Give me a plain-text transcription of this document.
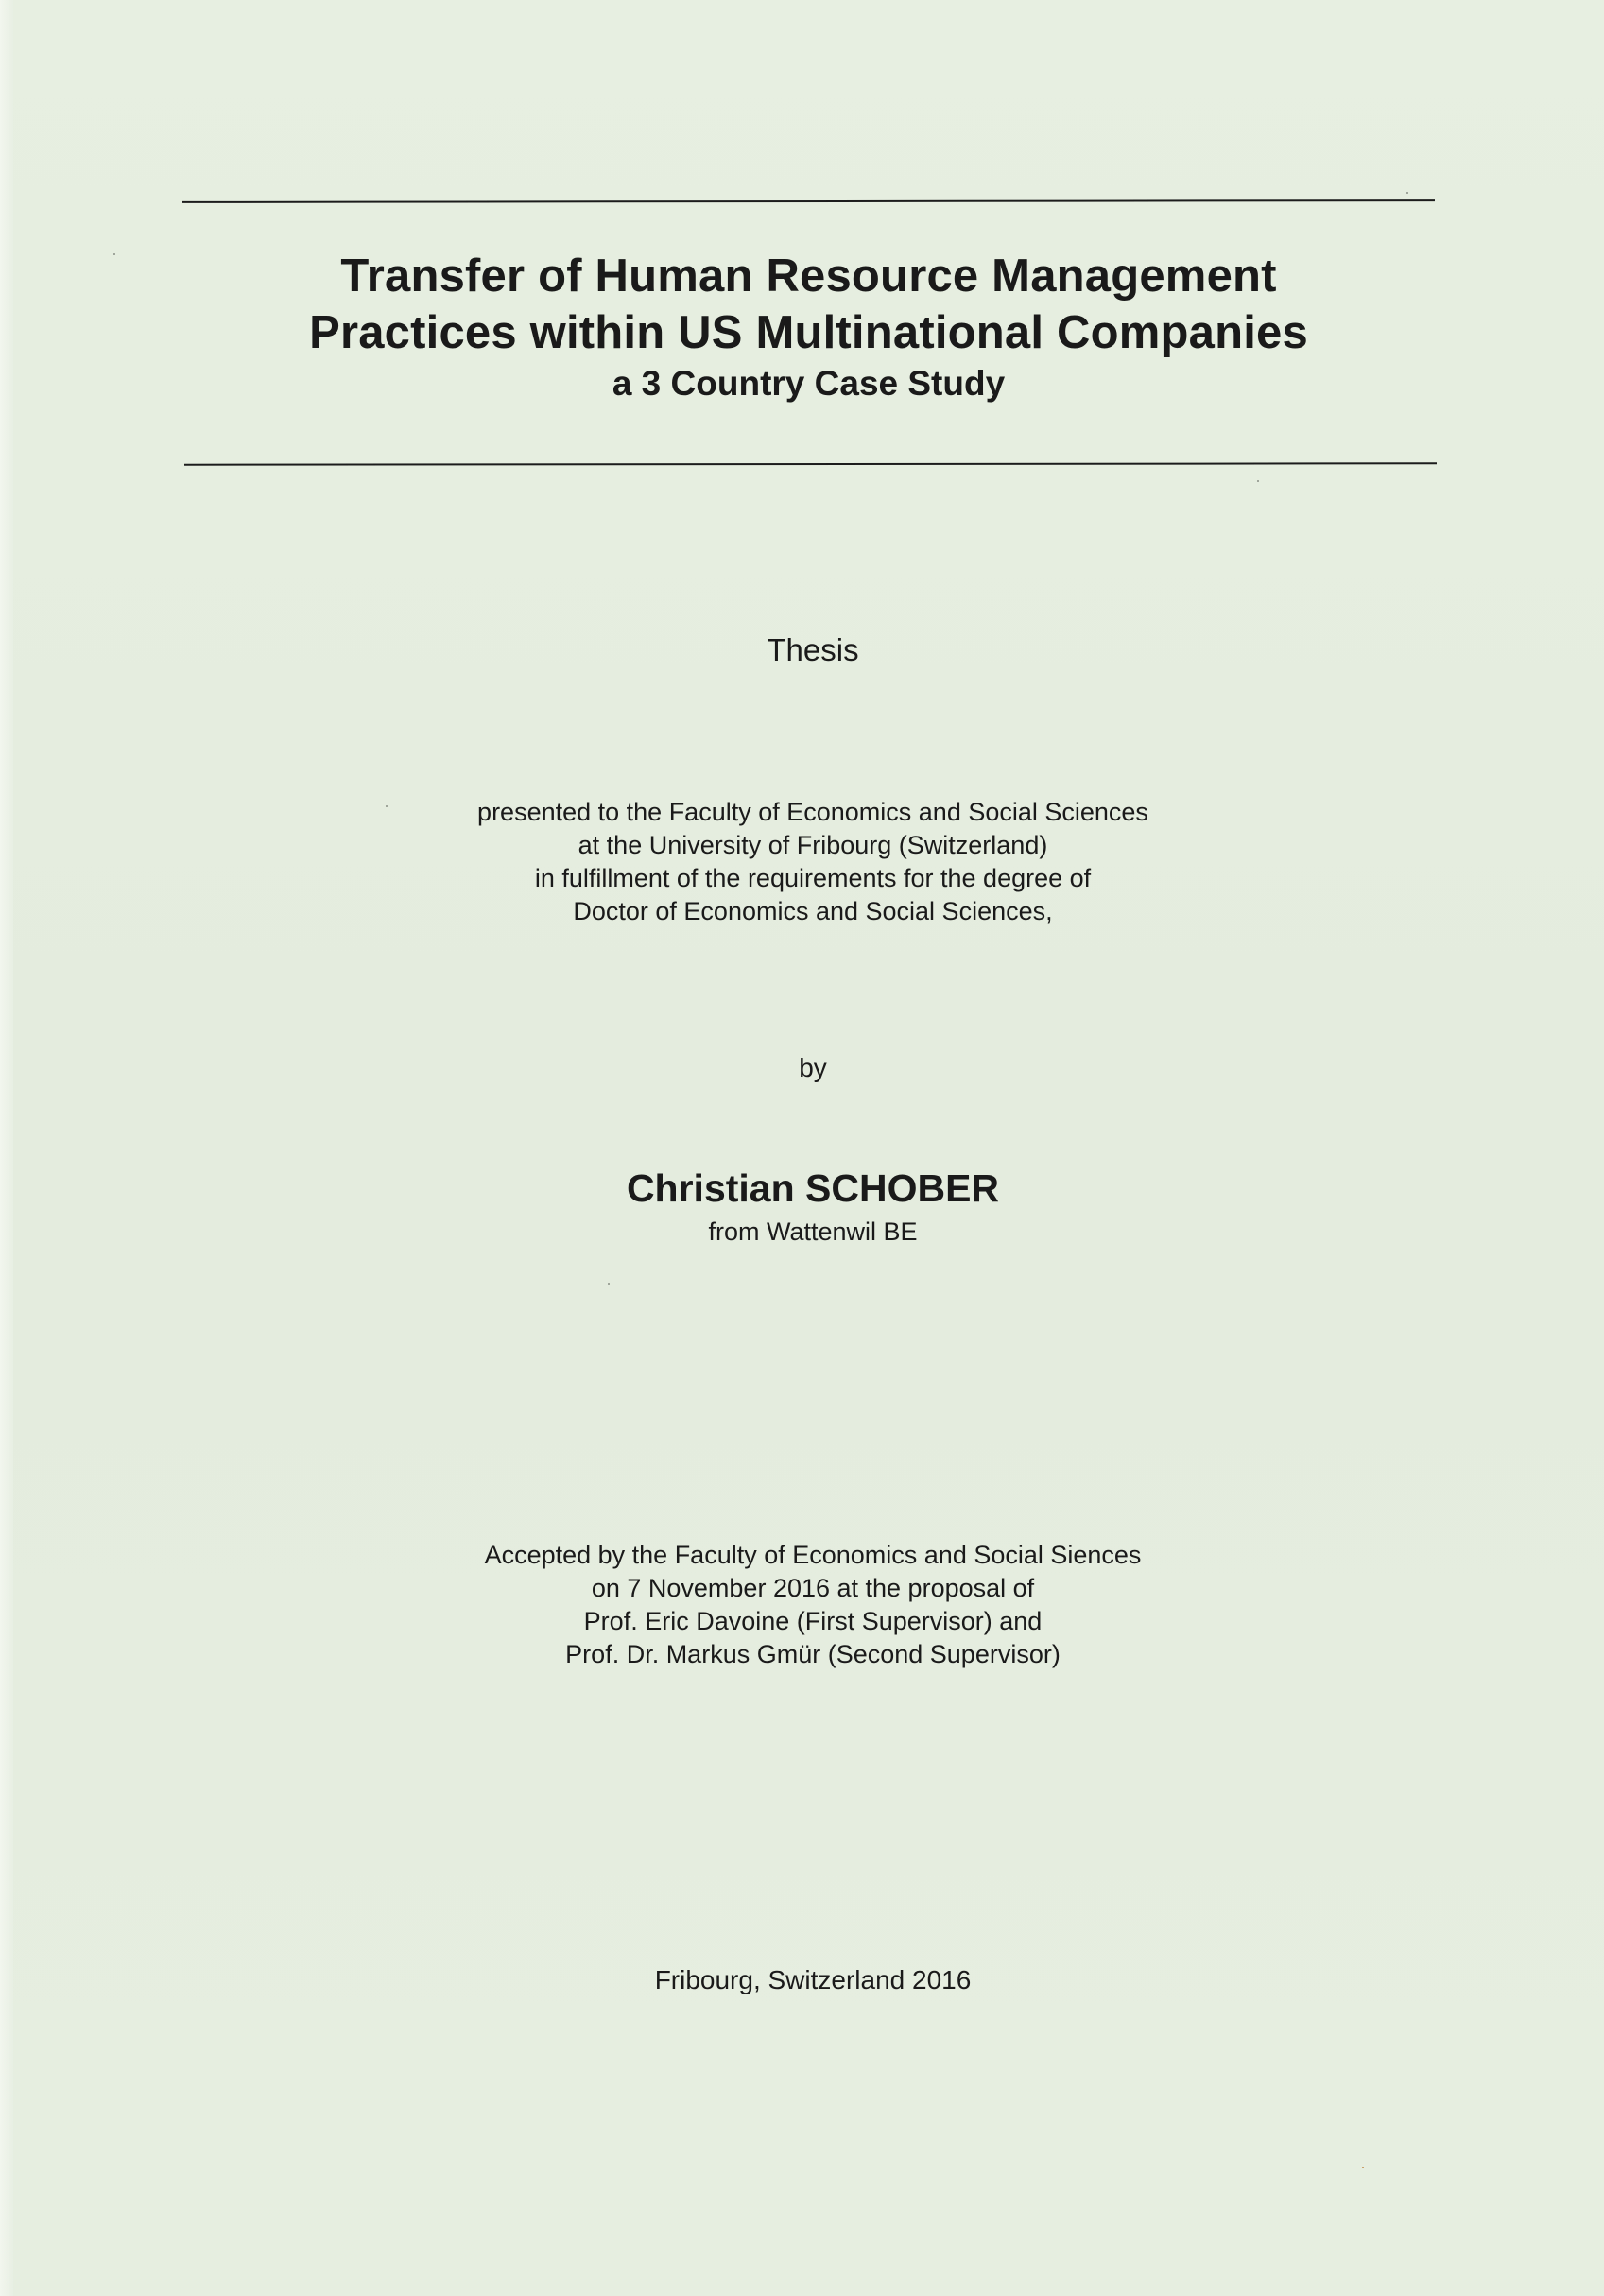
Transfer of Human Resource Management
Practices within US Multinational Companies
a 3 Country Case Study
Thesis
presented to the Faculty of Economics and Social Sciences
at the University of Fribourg (Switzerland)
in fulfillment of the requirements for the degree of
Doctor of Economics and Social Sciences,
by
Christian SCHOBER
from Wattenwil BE
Accepted by the Faculty of Economics and Social Siences
on 7 November 2016 at the proposal of
Prof. Eric Davoine (First Supervisor) and
Prof. Dr. Markus Gmür (Second Supervisor)
Fribourg, Switzerland 2016
